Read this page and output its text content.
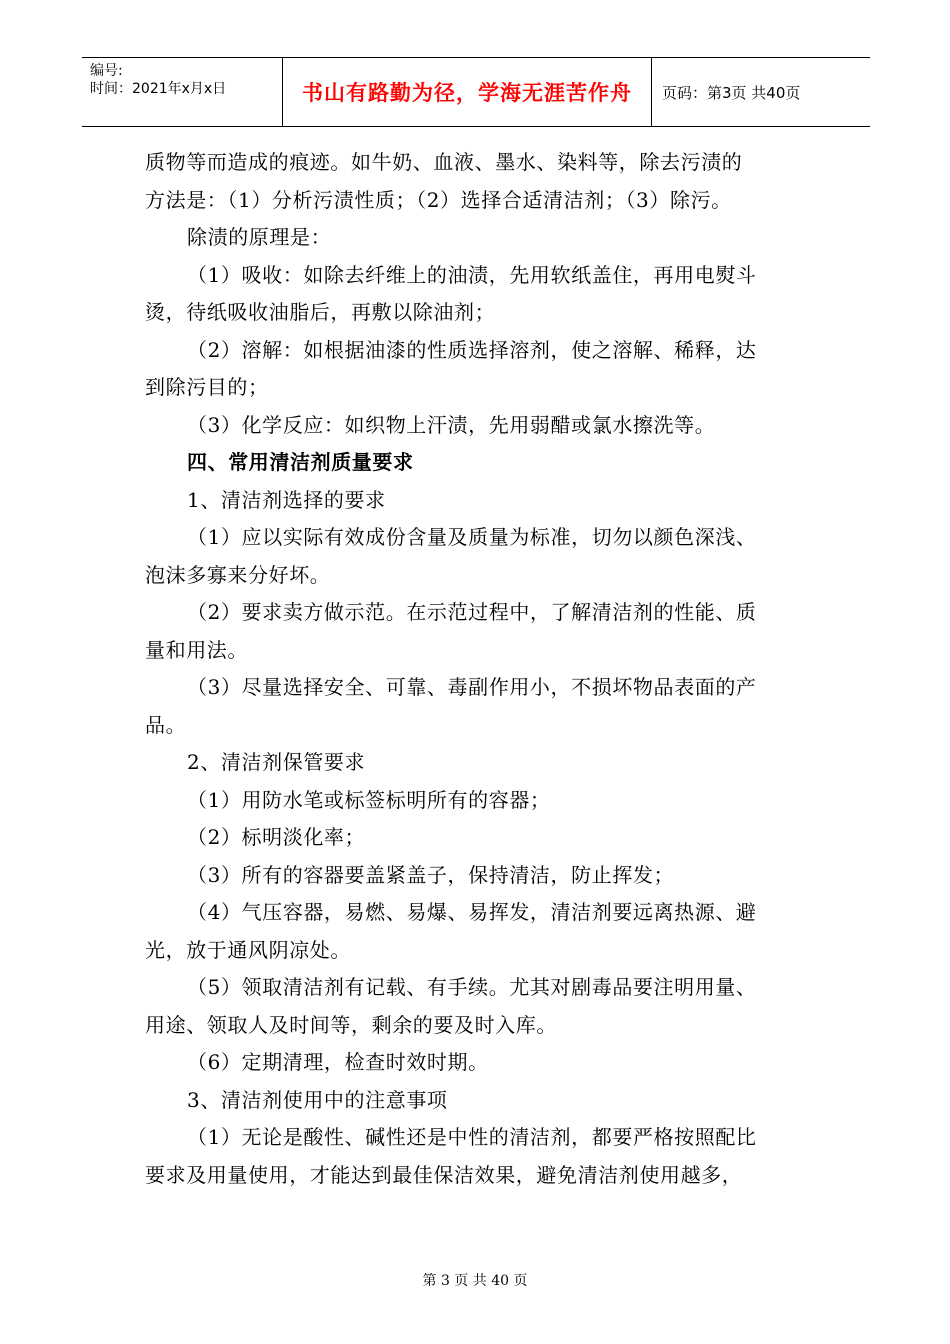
编号:
时间：2021年x月x日	书山有路勤为径，学海无涯苦作舟	页码：第3页 共40页
质物等而造成的痕迹。如牛奶、血液、墨水、染料等，除去污渍的
方法是：（1）分析污渍性质；（2）选择合适清洁剂；（3）除污。
除渍的原理是：
（1）吸收：如除去纤维上的油渍，先用软纸盖住，再用电熨斗
烫，待纸吸收油脂后，再敷以除油剂；
（2）溶解：如根据油漆的性质选择溶剂，使之溶解、稀释，达
到除污目的；
（3）化学反应：如织物上汗渍，先用弱醋或氯水擦洗等。
四、常用清洁剂质量要求
1、清洁剂选择的要求
（1）应以实际有效成份含量及质量为标准，切勿以颜色深浅、
泡沫多寡来分好坏。
（2）要求卖方做示范。在示范过程中，了解清洁剂的性能、质
量和用法。
（3）尽量选择安全、可靠、毒副作用小，不损坏物品表面的产
品。
2、清洁剂保管要求
（1）用防水笔或标签标明所有的容器；
（2）标明淡化率；
（3）所有的容器要盖紧盖子，保持清洁，防止挥发；
（4）气压容器，易燃、易爆、易挥发，清洁剂要远离热源、避
光，放于通风阴凉处。
（5）领取清洁剂有记载、有手续。尤其对剧毒品要注明用量、
用途、领取人及时间等，剩余的要及时入库。
（6）定期清理，检查时效时期。
3、清洁剂使用中的注意事项
（1）无论是酸性、碱性还是中性的清洁剂，都要严格按照配比
要求及用量使用，才能达到最佳保洁效果，避免清洁剂使用越多，
第 3 页 共 40 页
